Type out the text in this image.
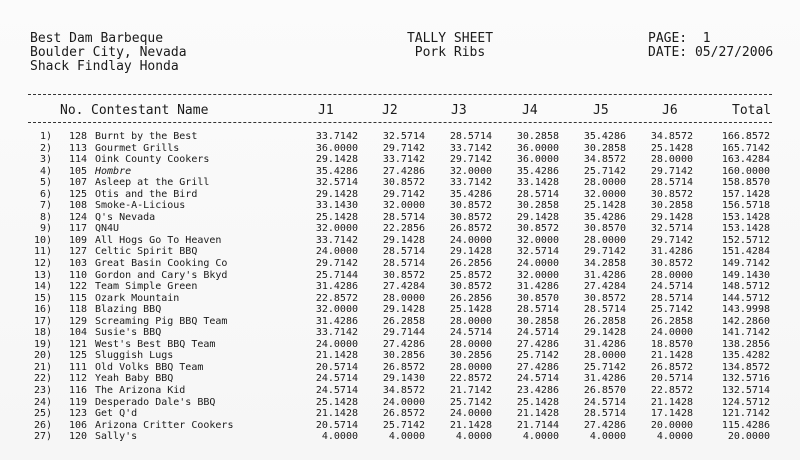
Best Dam Barbeque
Boulder City, Nevada
Shack Findlay Honda
TALLY SHEET
Pork Ribs
PAGE: 1
DATE: 05/27/2006
No. Contestant Name	J1	J2	J3	J4	J5	J6	Total
1)	128	Burnt by the Best	33.7142	32.5714	28.5714	30.2858	35.4286	34.8572	166.8572
2)	113	Gourmet Grills	36.0000	29.7142	33.7142	36.0000	30.2858	25.1428	165.7142
3)	114	Oink County Cookers	29.1428	33.7142	29.7142	36.0000	34.8572	28.0000	163.4284
4)	105	Hombre	35.4286	27.4286	32.0000	35.4286	25.7142	29.7142	160.0000
5)	107	Asleep at the Grill	32.5714	30.8572	33.7142	33.1428	28.0000	28.5714	158.8570
6)	125	Otis and the Bird	29.1428	29.7142	35.4286	28.5714	32.0000	30.8572	157.1428
7)	108	Smoke-A-Licious	33.1430	32.0000	30.8572	30.2858	25.1428	30.2858	156.5718
8)	124	Q's Nevada	25.1428	28.5714	30.8572	29.1428	35.4286	29.1428	153.1428
9)	117	QN4U	32.0000	22.2856	26.8572	30.8572	30.8570	32.5714	153.1428
10)	109	All Hogs Go To Heaven	33.7142	29.1428	24.0000	32.0000	28.0000	29.7142	152.5712
11)	127	Celtic Spirit BBQ	24.0000	28.5714	29.1428	32.5714	29.7142	31.4286	151.4284
12)	103	Great Basin Cooking Co	29.7142	28.5714	26.2856	24.0000	34.2858	30.8572	149.7142
13)	110	Gordon and Cary's Bkyd	25.7144	30.8572	25.8572	32.0000	31.4286	28.0000	149.1430
14)	122	Team Simple Green	31.4286	27.4284	30.8572	31.4286	27.4284	24.5714	148.5712
15)	115	Ozark Mountain	22.8572	28.0000	26.2856	30.8570	30.8572	28.5714	144.5712
16)	118	Blazing BBQ	32.0000	29.1428	25.1428	28.5714	28.5714	25.7142	143.9998
17)	129	Screaming Pig BBQ Team	31.4286	26.2858	28.0000	30.2858	26.2858	26.2858	142.2860
18)	104	Susie's BBQ	33.7142	29.7144	24.5714	24.5714	29.1428	24.0000	141.7142
19)	121	West's Best BBQ Team	24.0000	27.4286	28.0000	27.4286	31.4286	18.8570	138.2856
20)	125	Sluggish Lugs	21.1428	30.2856	30.2856	25.7142	28.0000	21.1428	135.4282
21)	111	Old Volks BBQ Team	20.5714	26.8572	28.0000	27.4286	25.7142	26.8572	134.8572
22)	112	Yeah Baby BBQ	24.5714	29.1430	22.8572	24.5714	31.4286	20.5714	132.5716
23)	116	The Arizona Kid	24.5714	34.8572	21.7142	23.4286	26.8570	22.8572	132.5714
24)	119	Desperado Dale's BBQ	25.1428	24.0000	25.7142	25.1428	24.5714	21.1428	124.5712
25)	123	Get Q'd	21.1428	26.8572	24.0000	21.1428	28.5714	17.1428	121.7142
26)	106	Arizona Critter Cookers	20.5714	25.7142	21.1428	21.7144	27.4286	20.0000	115.4286
27)	120	Sally's	4.0000	4.0000	4.0000	4.0000	4.0000	4.0000	20.0000
